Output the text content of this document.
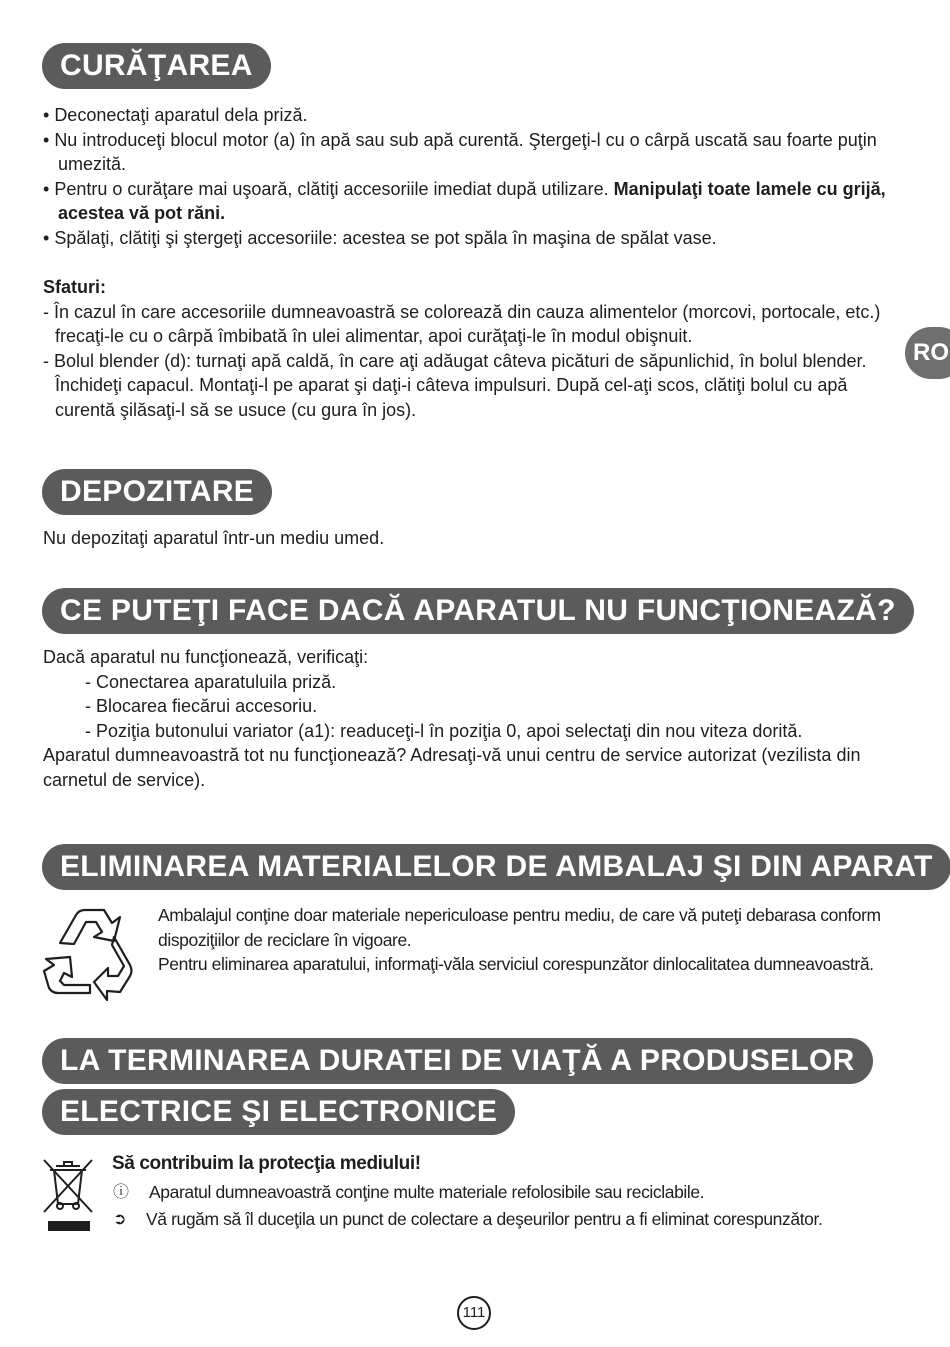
CURĂŢAREA

• Deconectaţi aparatul dela priză.

• Nu introduceţi blocul motor (a) în apă sau sub apă curentă. Ştergeţi-l cu o cârpă uscată sau foarte puţin umezită.

• Pentru o curăţare mai uşoară, clătiţi accesoriile imediat după utilizare. Manipulaţi toate lamele cu grijă, acestea vă pot răni.

• Spălaţi, clătiţi şi ştergeţi accesoriile: acestea se pot spăla în maşina de spălat vase.

Sfaturi:

- În cazul în care accesoriile dumneavoastră se colorează din cauza alimentelor (morcovi, portocale, etc.) frecaţi-le cu o cârpă îmbibată în ulei alimentar, apoi curăţaţi-le în modul obişnuit.

- Bolul blender (d): turnaţi apă caldă, în care aţi adăugat câteva picături de săpunlichid, în bolul blender. Închideţi capacul. Montaţi-l pe aparat şi daţi-i câteva impulsuri. După cel-aţi scos, clătiţi bolul cu apă curentă şilăsaţi-l să se usuce (cu gura în jos).

RO
DEPOZITARE
Nu depozitaţi aparatul într-un mediu umed.
CE PUTEŢI FACE DACĂ APARATUL NU FUNCŢIONEAZĂ?

Dacă aparatul nu funcţionează, verificaţi:

- Conectarea aparatuluila priză.

- Blocarea fiecărui accesoriu.

- Poziţia butonului variator (a1): readuceţi-l în poziţia 0, apoi selectaţi din nou viteza dorită.

Aparatul dumneavoastră tot nu funcţionează? Adresaţi-vă unui centru de service autorizat (vezilista din carnetul de service).

ELIMINAREA MATERIALELOR DE AMBALAJ ŞI DIN APARAT

Ambalajul conţine doar materiale nepericuloase pentru mediu, de care vă puteţi debarasa conform dispoziţiilor de reciclare în vigoare.

Pentru eliminarea aparatului, informaţi-văla serviciul corespunzător dinlocalitatea dumneavoastră.

LA TERMINAREA DURATEI DE VIAŢĂ A PRODUSELOR
ELECTRICE ŞI ELECTRONICE
Să contribuim la protecţia mediului!
ⓘ Aparatul dumneavoastră conţine multe materiale refolosibile sau reciclabile.
➲ Vă rugăm să îl duceţila un punct de colectare a deşeurilor pentru a fi eliminat corespunzător.
111
